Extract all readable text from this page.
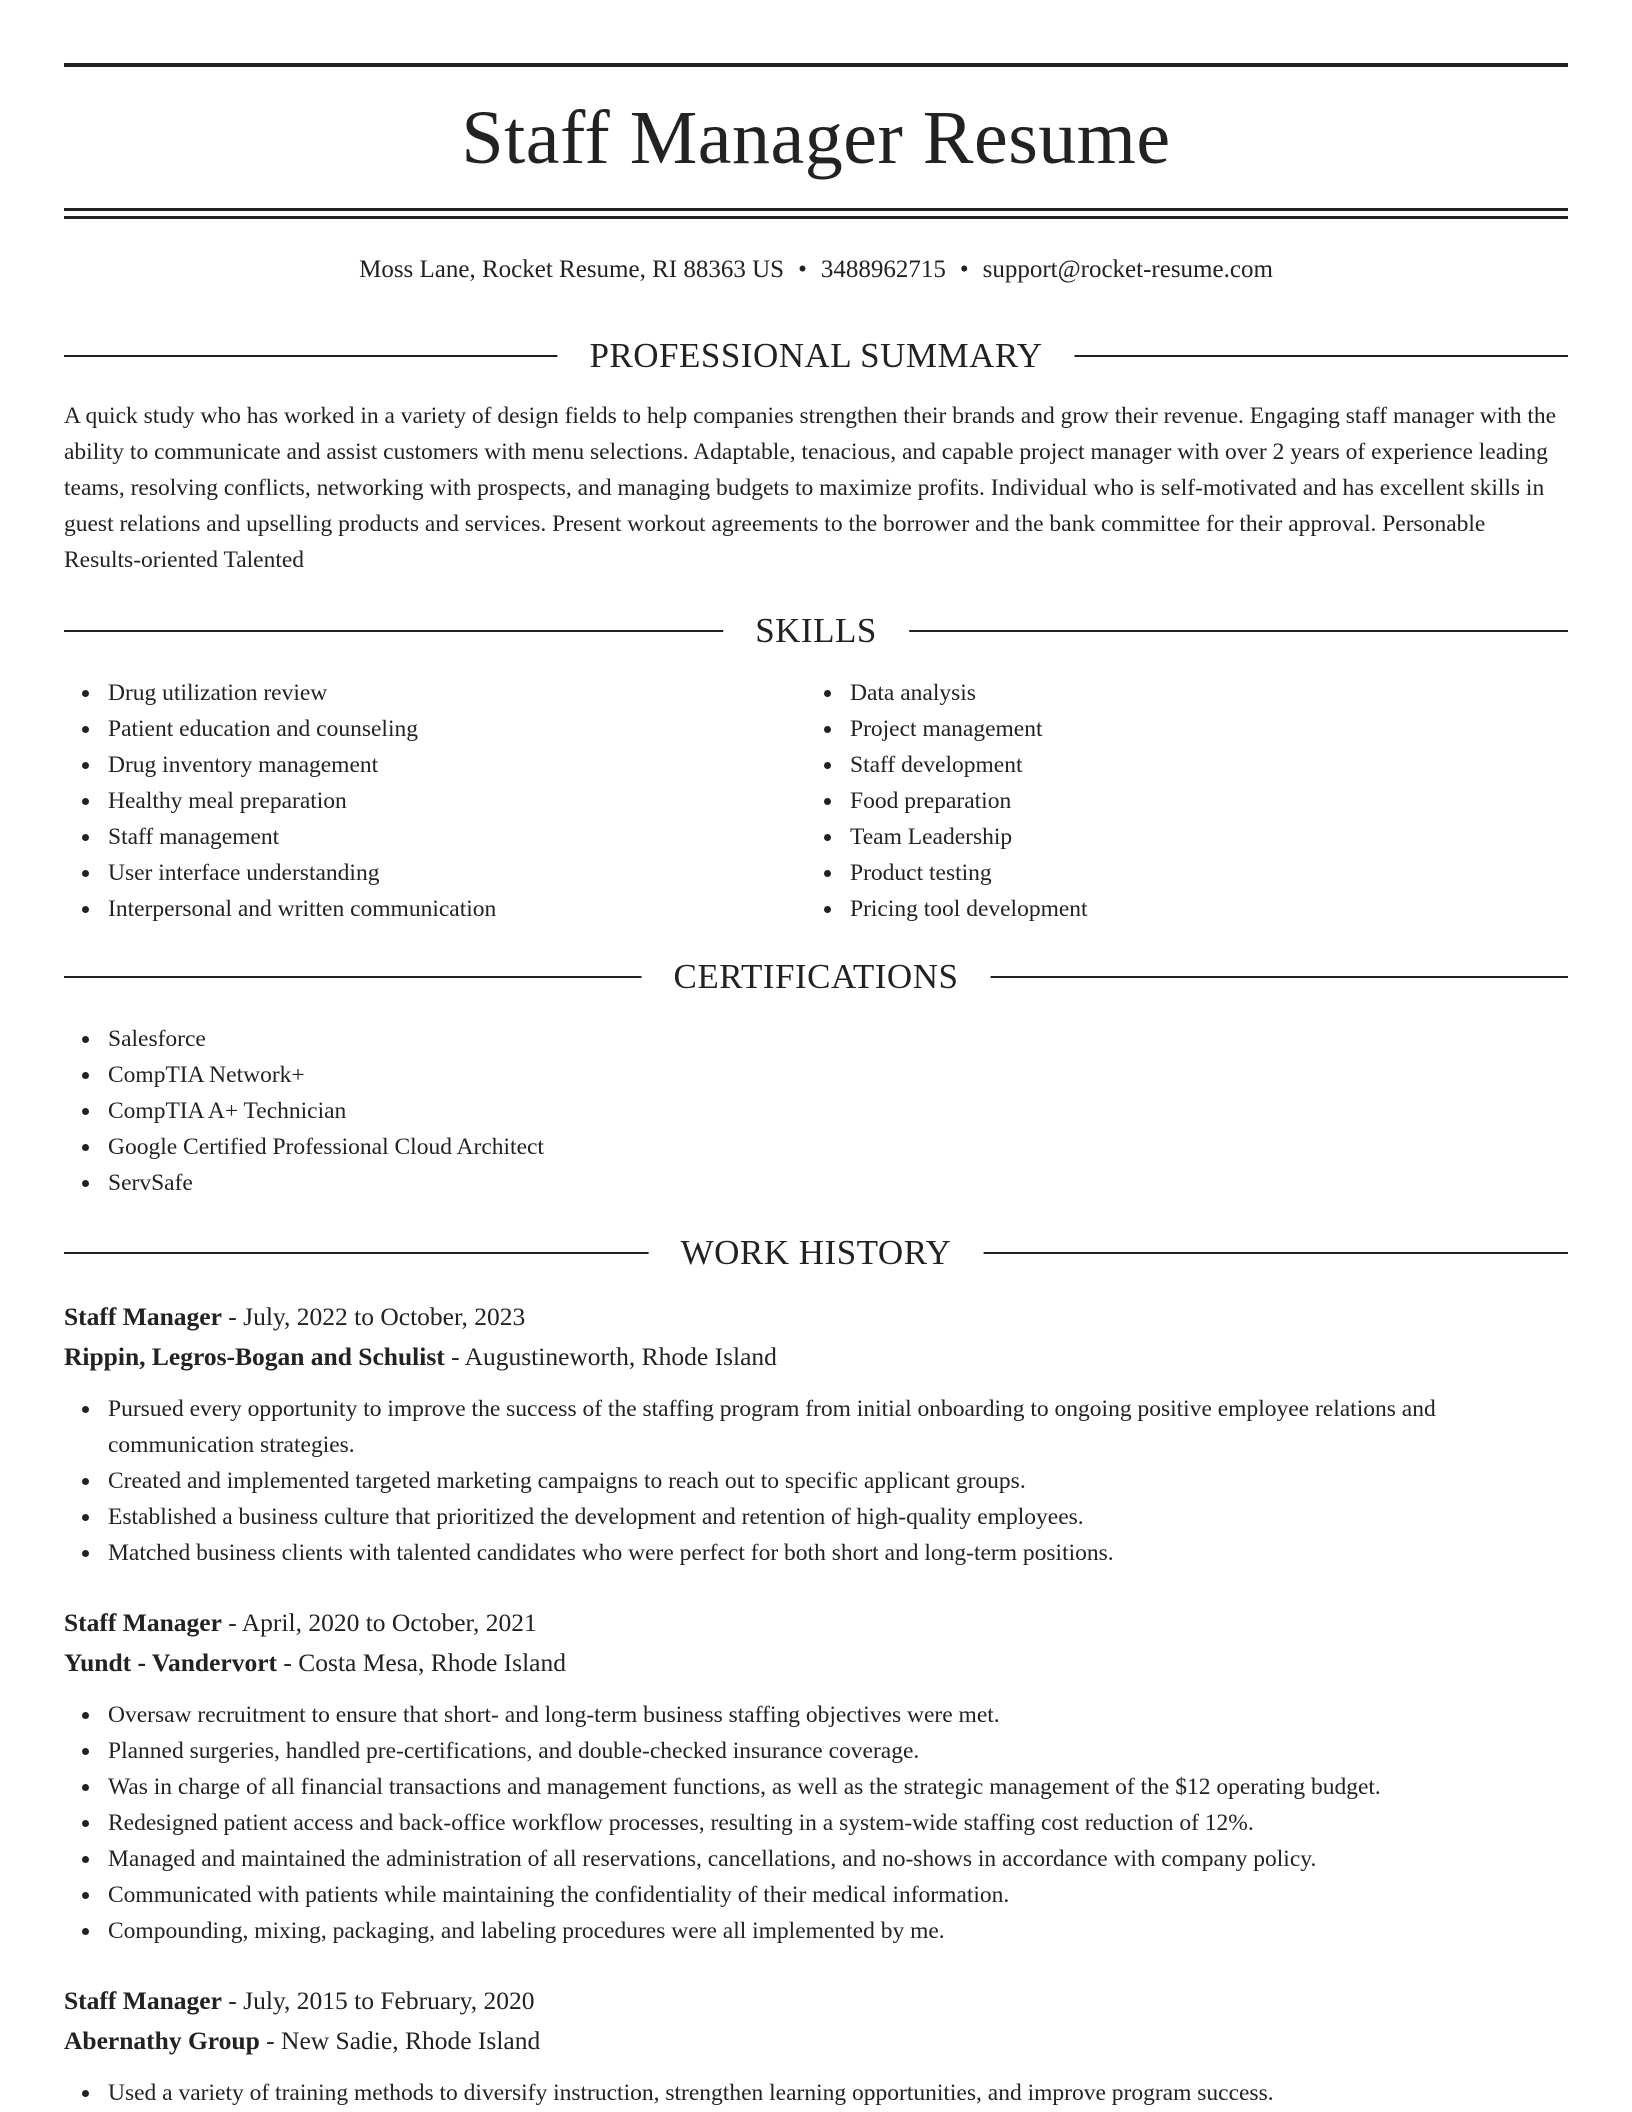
Staff Manager Resume
Moss Lane, Rocket Resume, RI 88363 US • 3488962715 • support@rocket-resume.com
PROFESSIONAL SUMMARY
A quick study who has worked in a variety of design fields to help companies strengthen their brands and grow their revenue. Engaging staff manager with the ability to communicate and assist customers with menu selections. Adaptable, tenacious, and capable project manager with over 2 years of experience leading teams, resolving conflicts, networking with prospects, and managing budgets to maximize profits. Individual who is self-motivated and has excellent skills in guest relations and upselling products and services. Present workout agreements to the borrower and the bank committee for their approval. Personable Results-oriented Talented
SKILLS
Drug utilization review
Patient education and counseling
Drug inventory management
Healthy meal preparation
Staff management
User interface understanding
Interpersonal and written communication
Data analysis
Project management
Staff development
Food preparation
Team Leadership
Product testing
Pricing tool development
CERTIFICATIONS
Salesforce
CompTIA Network+
CompTIA A+ Technician
Google Certified Professional Cloud Architect
ServSafe
WORK HISTORY
Staff Manager - July, 2022 to October, 2023
Rippin, Legros-Bogan and Schulist - Augustineworth, Rhode Island
Pursued every opportunity to improve the success of the staffing program from initial onboarding to ongoing positive employee relations and communication strategies.
Created and implemented targeted marketing campaigns to reach out to specific applicant groups.
Established a business culture that prioritized the development and retention of high-quality employees.
Matched business clients with talented candidates who were perfect for both short and long-term positions.
Staff Manager - April, 2020 to October, 2021
Yundt - Vandervort - Costa Mesa, Rhode Island
Oversaw recruitment to ensure that short- and long-term business staffing objectives were met.
Planned surgeries, handled pre-certifications, and double-checked insurance coverage.
Was in charge of all financial transactions and management functions, as well as the strategic management of the $12 operating budget.
Redesigned patient access and back-office workflow processes, resulting in a system-wide staffing cost reduction of 12%.
Managed and maintained the administration of all reservations, cancellations, and no-shows in accordance with company policy.
Communicated with patients while maintaining the confidentiality of their medical information.
Compounding, mixing, packaging, and labeling procedures were all implemented by me.
Staff Manager - July, 2015 to February, 2020
Abernathy Group - New Sadie, Rhode Island
Used a variety of training methods to diversify instruction, strengthen learning opportunities, and improve program success.
